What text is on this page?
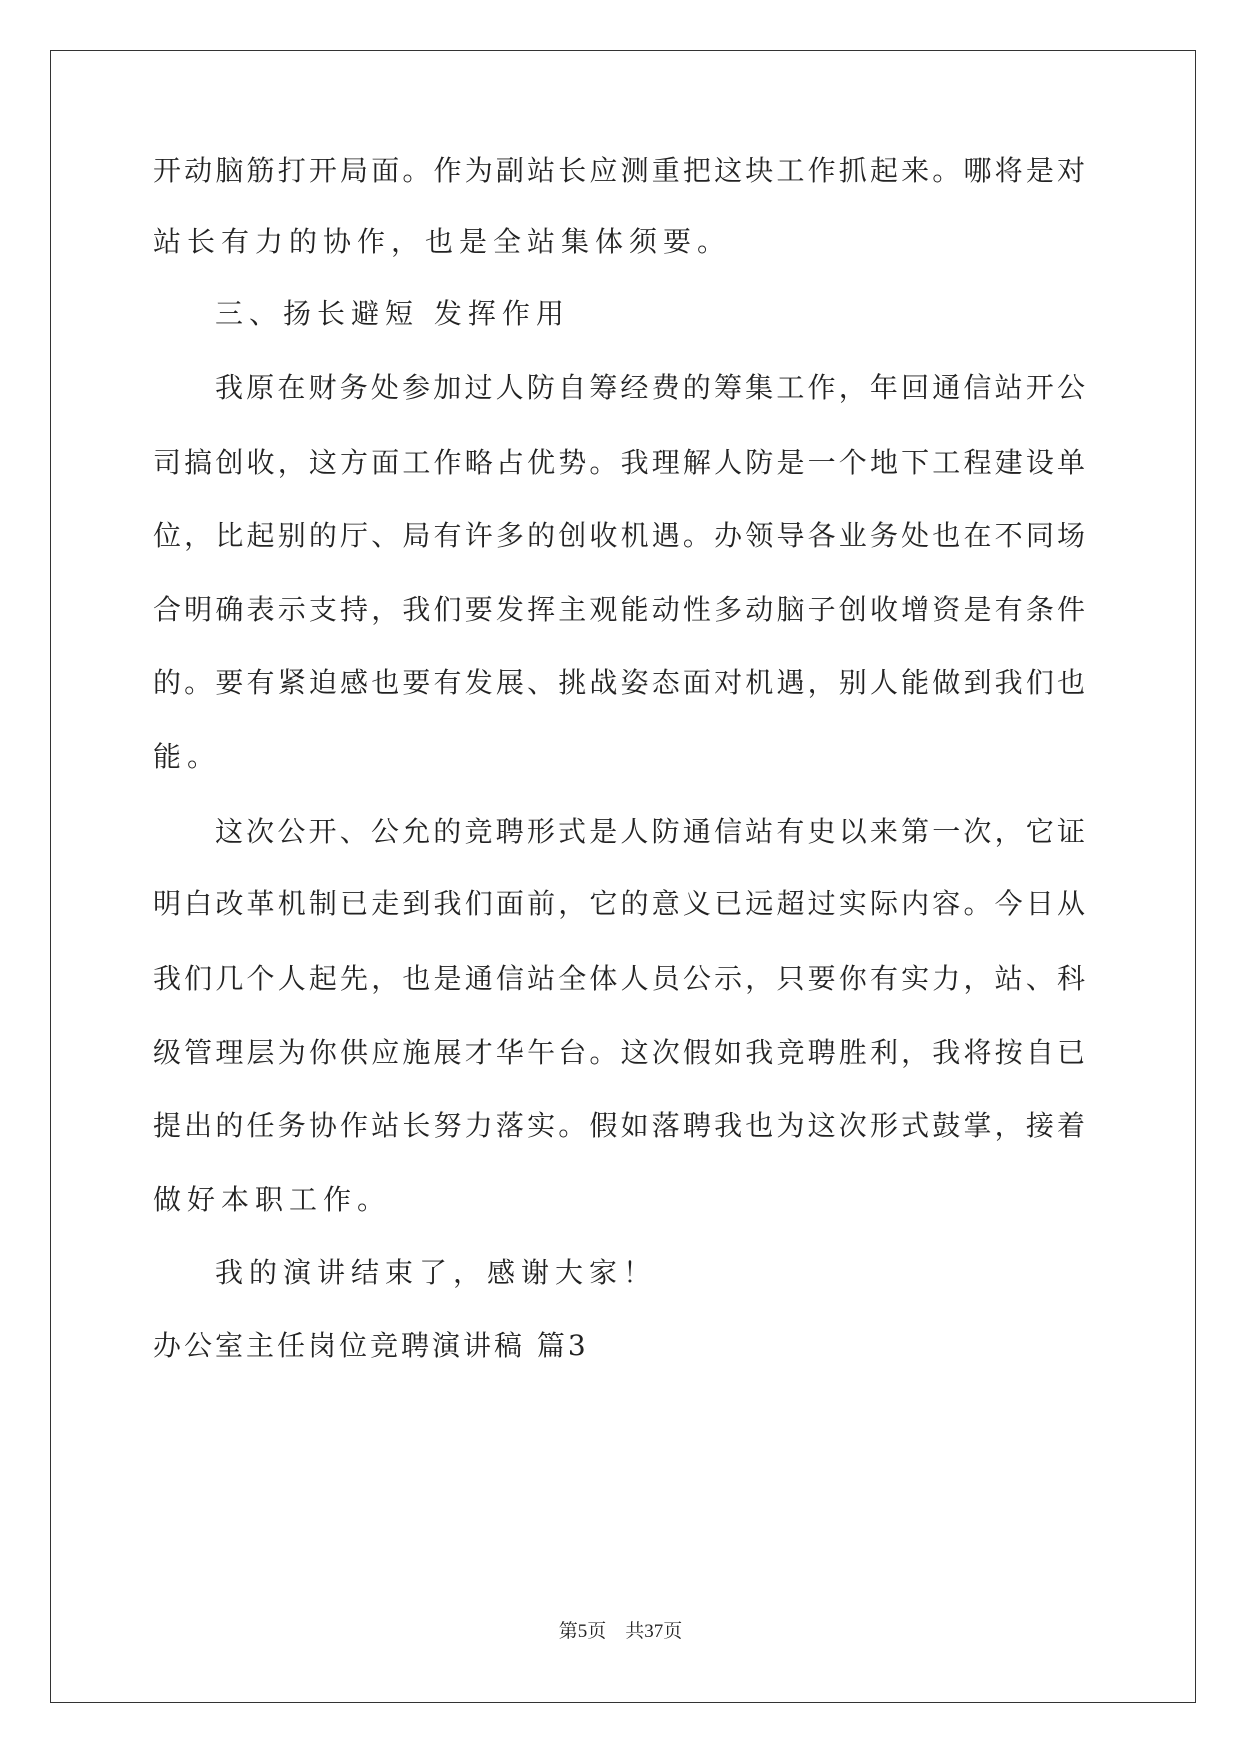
开动脑筋打开局面。作为副站长应测重把这块工作抓起来。哪将是对
站长有力的协作，也是全站集体须要。
三、扬长避短 发挥作用
我原在财务处参加过人防自筹经费的筹集工作，年回通信站开公
司搞创收，这方面工作略占优势。我理解人防是一个地下工程建设单
位，比起别的厅、局有许多的创收机遇。办领导各业务处也在不同场
合明确表示支持，我们要发挥主观能动性多动脑子创收增资是有条件
的。要有紧迫感也要有发展、挑战姿态面对机遇，别人能做到我们也
能。
这次公开、公允的竞聘形式是人防通信站有史以来第一次，它证
明白改革机制已走到我们面前，它的意义已远超过实际内容。今日从
我们几个人起先，也是通信站全体人员公示，只要你有实力，站、科
级管理层为你供应施展才华午台。这次假如我竞聘胜利，我将按自已
提出的任务协作站长努力落实。假如落聘我也为这次形式鼓掌，接着
做好本职工作。
我的演讲结束了，感谢大家！
办公室主任岗位竞聘演讲稿 篇3
第5页　共37页
